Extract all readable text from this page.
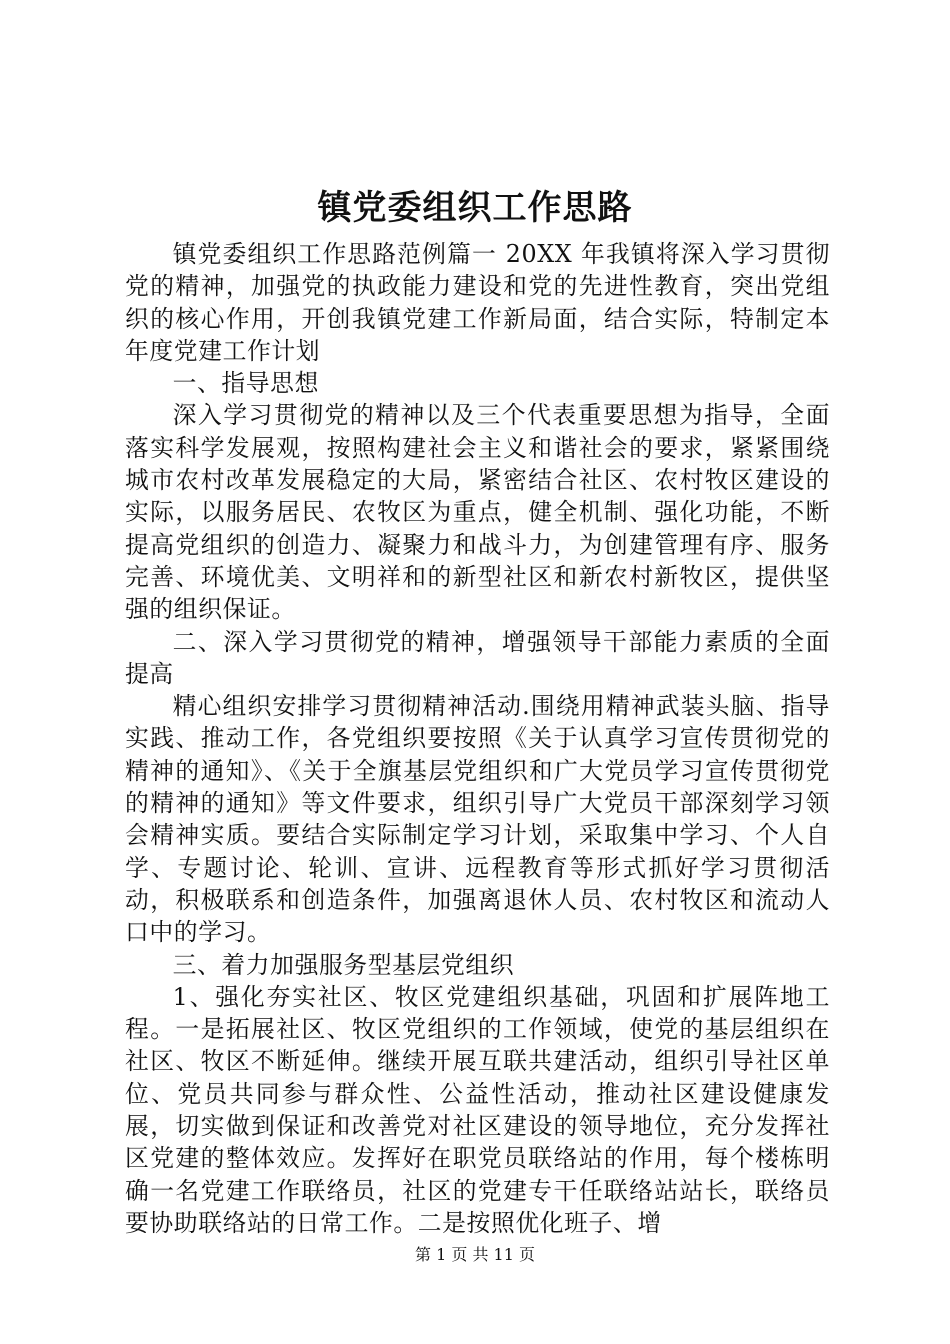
镇党委组织工作思路

镇党委组织工作思路范例篇一 20XX 年我镇将深入学习贯彻党的精神，加强党的执政能力建设和党的先进性教育，突出党组织的核心作用，开创我镇党建工作新局面，结合实际，特制定本年度党建工作计划

一、指导思想

深入学习贯彻党的精神以及三个代表重要思想为指导，全面落实科学发展观，按照构建社会主义和谐社会的要求，紧紧围绕城市农村改革发展稳定的大局，紧密结合社区、农村牧区建设的实际，以服务居民、农牧区为重点，健全机制、强化功能，不断提高党组织的创造力、凝聚力和战斗力，为创建管理有序、服务完善、环境优美、文明祥和的新型社区和新农村新牧区，提供坚强的组织保证。

二、深入学习贯彻党的精神，增强领导干部能力素质的全面提高

精心组织安排学习贯彻精神活动.围绕用精神武装头脑、指导实践、推动工作，各党组织要按照《关于认真学习宣传贯彻党的精神的通知》、《关于全旗基层党组织和广大党员学习宣传贯彻党的精神的通知》等文件要求，组织引导广大党员干部深刻学习领会精神实质。要结合实际制定学习计划，采取集中学习、个人自学、专题讨论、轮训、宣讲、远程教育等形式抓好学习贯彻活动，积极联系和创造条件，加强离退休人员、农村牧区和流动人口中的学习。

三、着力加强服务型基层党组织

1、强化夯实社区、牧区党建组织基础，巩固和扩展阵地工程。一是拓展社区、牧区党组织的工作领域，使党的基层组织在社区、牧区不断延伸。继续开展互联共建活动，组织引导社区单位、党员共同参与群众性、公益性活动，推动社区建设健康发展，切实做到保证和改善党对社区建设的领导地位，充分发挥社区党建的整体效应。发挥好在职党员联络站的作用，每个楼栋明确一名党建工作联络员，社区的党建专干任联络站站长，联络员要协助联络站的日常工作。二是按照优化班子、增

第 1 页 共 11 页
